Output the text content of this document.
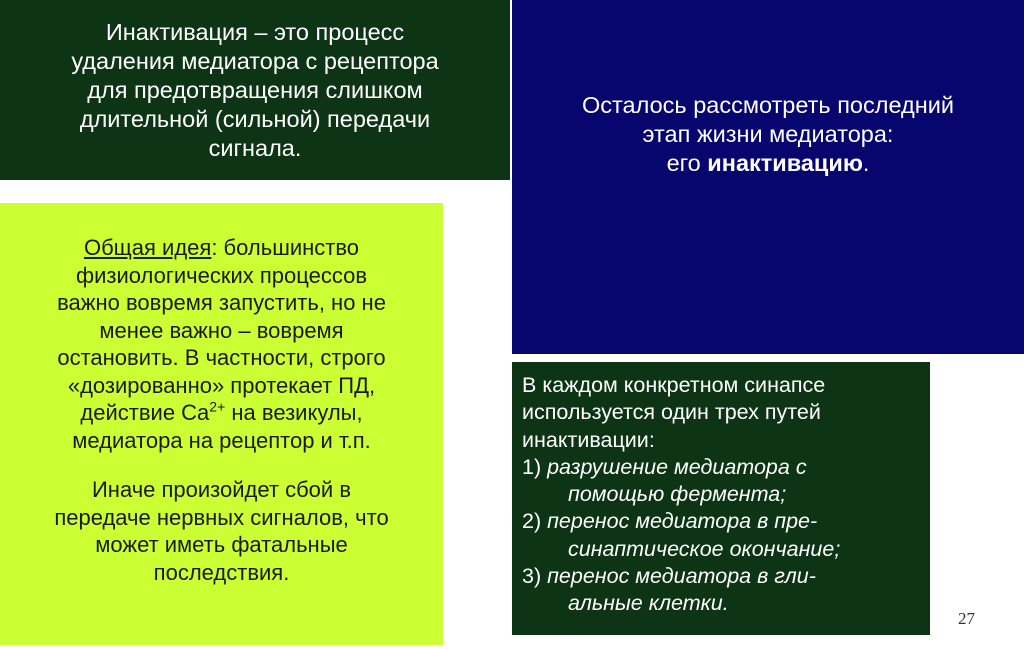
Инактивация – это процесс
удаления медиатора с рецептора
для предотвращения слишком
длительной (сильной) передачи
сигнала.
Осталось рассмотреть последний
этап жизни медиатора:
его инактивацию.
Общая идея: большинство
физиологических процессов
важно вовремя запустить, но не
менее важно – вовремя
остановить. В частности, строго
«дозированно» протекает ПД,
действие $Ca^{2+}$ на везикулы,
медиатора на рецептор и т.п.
Иначе произойдет сбой в
передаче нервных сигналов, что
может иметь фатальные
последствия.
В каждом конкретном синапсе
используется один трех путей
инактивации:
1) разрушение медиатора с
помощью фермента;
2) перенос медиатора в пре-
синаптическое окончание;
3) перенос медиатора в гли-
альные клетки.
27
